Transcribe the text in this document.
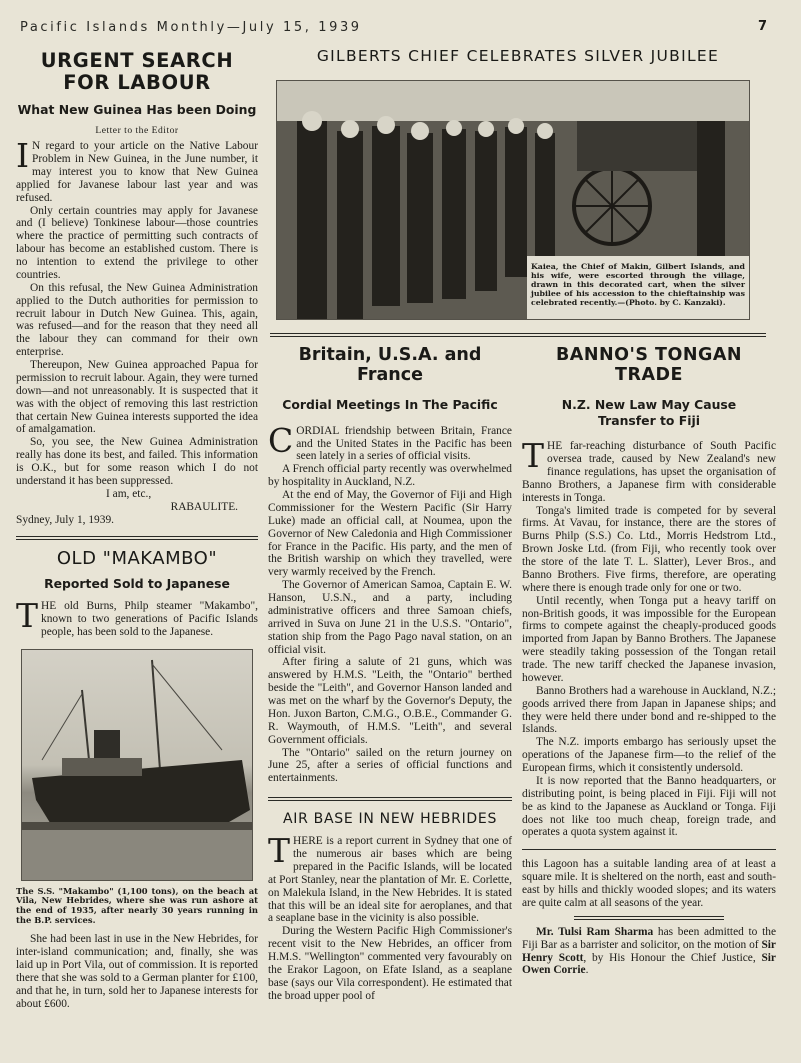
Pacific Islands Monthly—July 15, 1939	7
URGENT SEARCH FOR LABOUR
What New Guinea Has been Doing
Letter to the Editor

I N regard to your article on the Native Labour Problem in New Guinea, in the June number, it may interest you to know that New Guinea applied for Javanese labour last year and was refused.

Only certain countries may apply for Javanese and (I believe) Tonkinese labour—those countries where the practice of permitting such contracts of labour has become an established custom. There is no intention to extend the privilege to other countries.

On this refusal, the New Guinea Administration applied to the Dutch authorities for permission to recruit labour in Dutch New Guinea. This, again, was refused—and for the reason that they need all the labour they can command for their own enterprise.

Thereupon, New Guinea approached Papua for permission to recruit labour. Again, they were turned down—and not unreasonably. It is suspected that it was with the object of removing this last restriction that certain New Guinea interests supported the idea of amalgamation.

So, you see, the New Guinea Administration really has done its best, and failed. This information is O.K., but for some reason which I do not understand it has been suppressed.

I am, etc.,
RABAULITE.
Sydney, July 1, 1939.
OLD "MAKAMBO"
Reported Sold to Japanese

THE old Burns, Philp steamer "Makambo", known to two generations of Pacific Islands people, has been sold to the Japanese.

The S.S. "Makambo" (1,100 tons), on the beach at Vila, New Hebrides, where she was run ashore at the end of 1935, after nearly 30 years running in the B.P. services.

She had been last in use in the New Hebrides, for inter-island communication; and, finally, she was laid up in Port Vila, out of commission. It is reported there that she was sold to a German planter for £100, and that he, in turn, sold her to Japanese interests for about £600.

GILBERTS CHIEF CELEBRATES SILVER JUBILEE
Kaiea, the Chief of Makin, Gilbert Islands, and his wife, were escorted through the village, drawn in this decorated cart, when the silver jubilee of his accession to the chieftainship was celebrated recently.—(Photo. by C. Kanzaki).
Britain, U.S.A. and France
Cordial Meetings In The Pacific

CORDIAL friendship between Britain, France and the United States in the Pacific has been seen lately in a series of official visits.

A French official party recently was overwhelmed by hospitality in Auckland, N.Z.

At the end of May, the Governor of Fiji and High Commissioner for the Western Pacific (Sir Harry Luke) made an official call, at Noumea, upon the Governor of New Caledonia and High Commissioner for France in the Pacific. His party, and the men of the British warship on which they travelled, were very warmly received by the French.

The Governor of American Samoa, Captain E. W. Hanson, U.S.N., and a party, including administrative officers and three Samoan chiefs, arrived in Suva on June 21 in the U.S.S. "Ontario", station ship from the Pago Pago naval station, on an official visit.

After firing a salute of 21 guns, which was answered by H.M.S. "Leith, the "Ontario" berthed beside the "Leith", and Governor Hanson landed and was met on the wharf by the Governor's Deputy, the Hon. Juxon Barton, C.M.G., O.B.E., Commander G. R. Waymouth, of H.M.S. "Leith", and several Government officials.

The "Ontario" sailed on the return journey on June 25, after a series of official functions and entertainments.

AIR BASE IN NEW HEBRIDES

THERE is a report current in Sydney that one of the numerous air bases which are being prepared in the Pacific Islands, will be located at Port Stanley, near the plantation of Mr. E. Corlette, on Malekula Island, in the New Hebrides. It is stated that this will be an ideal site for aeroplanes, and that a seaplane base in the vicinity is also possible.

During the Western Pacific High Commissioner's recent visit to the New Hebrides, an officer from H.M.S. "Wellington" commented very favourably on the Erakor Lagoon, on Efate Island, as a seaplane base (says our Vila correspondent). He estimated that the broad upper pool of

BANNO'S TONGAN TRADE
N.Z. New Law May Cause Transfer to Fiji

THE far-reaching disturbance of South Pacific oversea trade, caused by New Zealand's new finance regulations, has upset the organisation of Banno Brothers, a Japanese firm with considerable interests in Tonga.

Tonga's limited trade is competed for by several firms. At Vavau, for instance, there are the stores of Burns Philp (S.S.) Co. Ltd., Morris Hedstrom Ltd., Brown Joske Ltd. (from Fiji, who recently took over the store of the late T. L. Slatter), Lever Bros., and Banno Brothers. Five firms, therefore, are operating where there is enough trade only for one or two.

Until recently, when Tonga put a heavy tariff on non-British goods, it was impossible for the European firms to compete against the cheaply-produced goods imported from Japan by Banno Brothers. The Japanese were steadily taking possession of the Tongan retail trade. The new tariff checked the Japanese invasion, however.

Banno Brothers had a warehouse in Auckland, N.Z.; goods arrived there from Japan in Japanese ships; and they were held there under bond and re-shipped to the Islands.

The N.Z. imports embargo has seriously upset the operations of the Japanese firm—to the relief of the European firms, which it consistently undersold.

It is now reported that the Banno headquarters, or distributing point, is being placed in Fiji. Fiji will not be as kind to the Japanese as Auckland or Tonga. Fiji does not like too much cheap, foreign trade, and operates a quota system against it.

this Lagoon has a suitable landing area of at least a square mile. It is sheltered on the north, east and south-east by hills and thickly wooded slopes; and its waters are quite calm at all seasons of the year.

Mr. Tulsi Ram Sharma has been admitted to the Fiji Bar as a barrister and solicitor, on the motion of Sir Henry Scott, by His Honour the Chief Justice, Sir Owen Corrie.
